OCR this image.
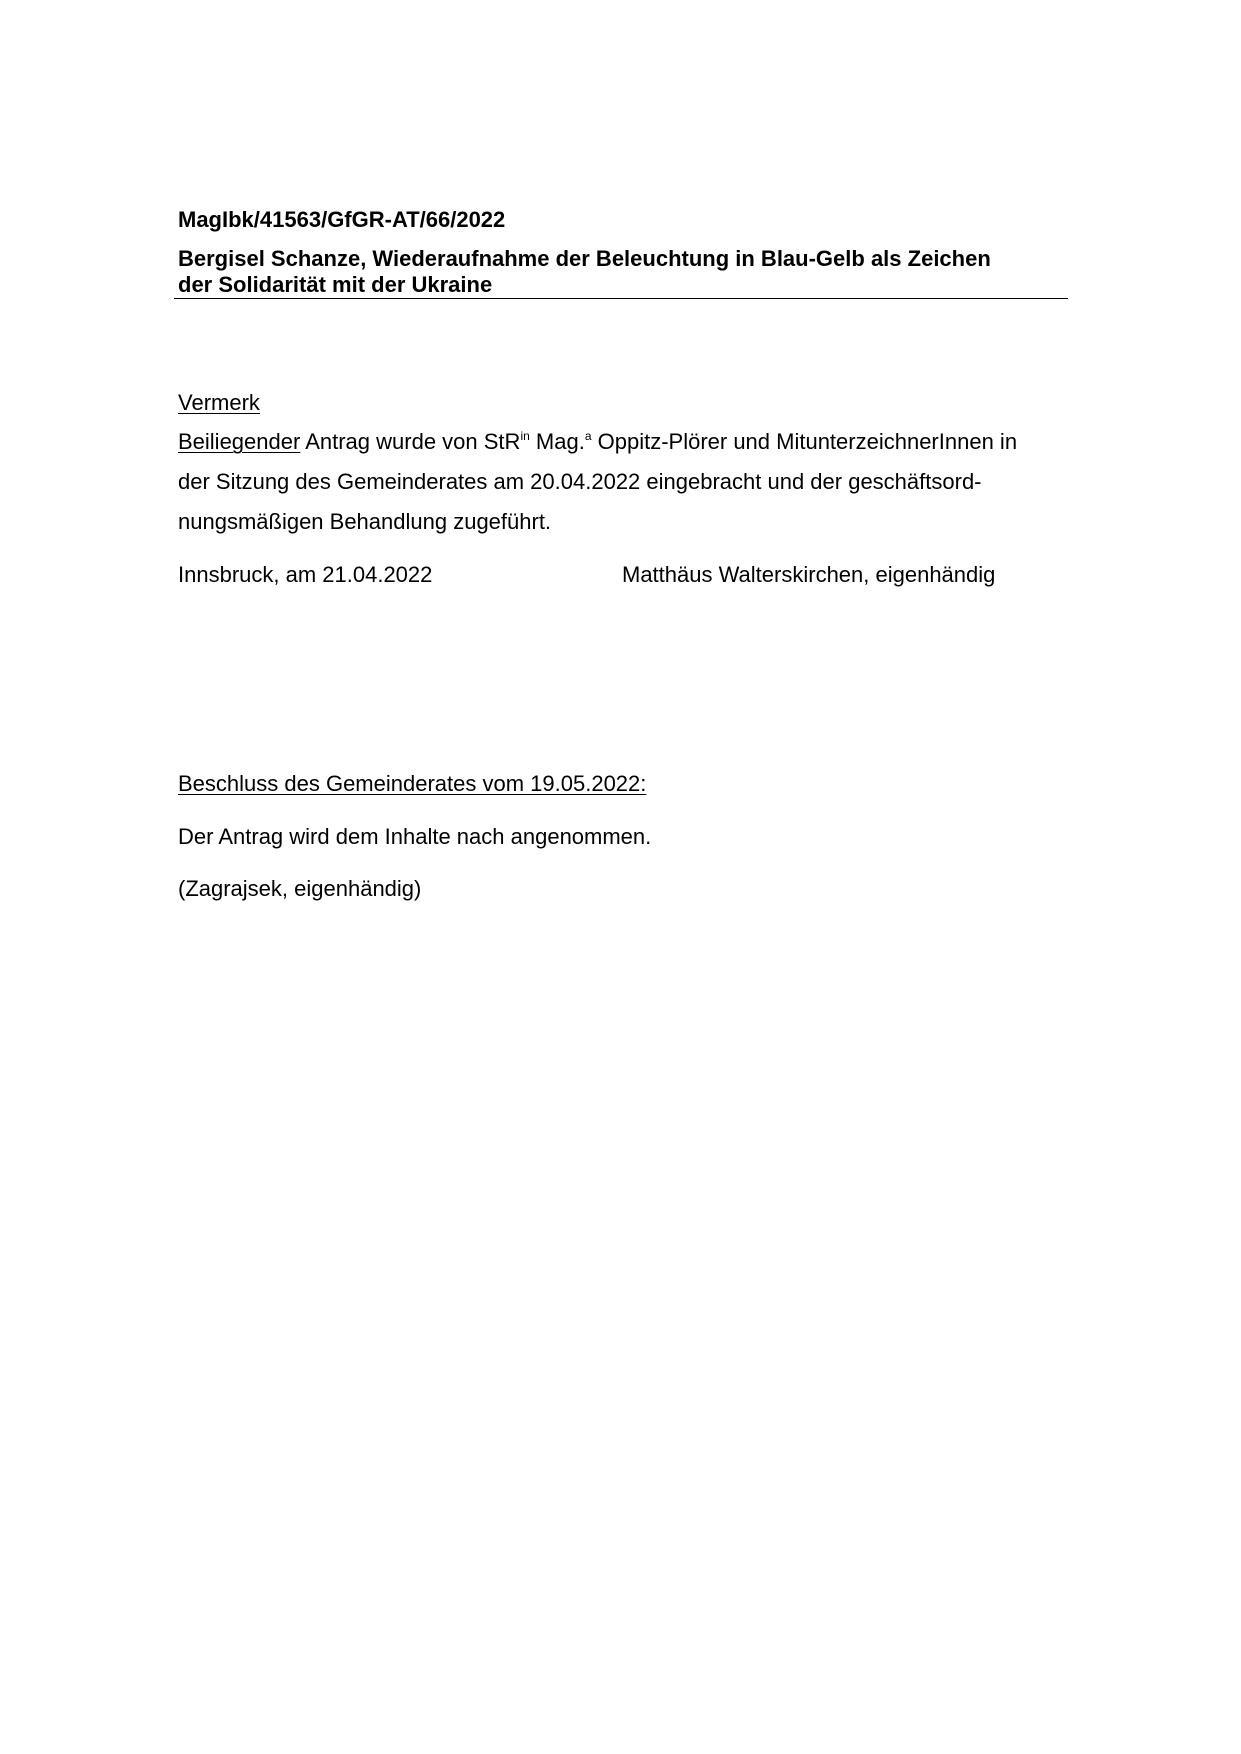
MagIbk/41563/GfGR-AT/66/2022
Bergisel Schanze, Wiederaufnahme der Beleuchtung in Blau-Gelb als Zeichen
der Solidarität mit der Ukraine
Vermerk
Beiliegender Antrag wurde von StR$^{in}$ Mag.$^a$ Oppitz-Plörer und MitunterzeichnerInnen in
der Sitzung des Gemeinderates am 20.04.2022 eingebracht und der geschäftsord-
nungsmäßigen Behandlung zugeführt.
Innsbruck, am 21.04.2022	Matthäus Walterskirchen, eigenhändig
Beschluss des Gemeinderates vom 19.05.2022:
Der Antrag wird dem Inhalte nach angenommen.
(Zagrajsek, eigenhändig)
